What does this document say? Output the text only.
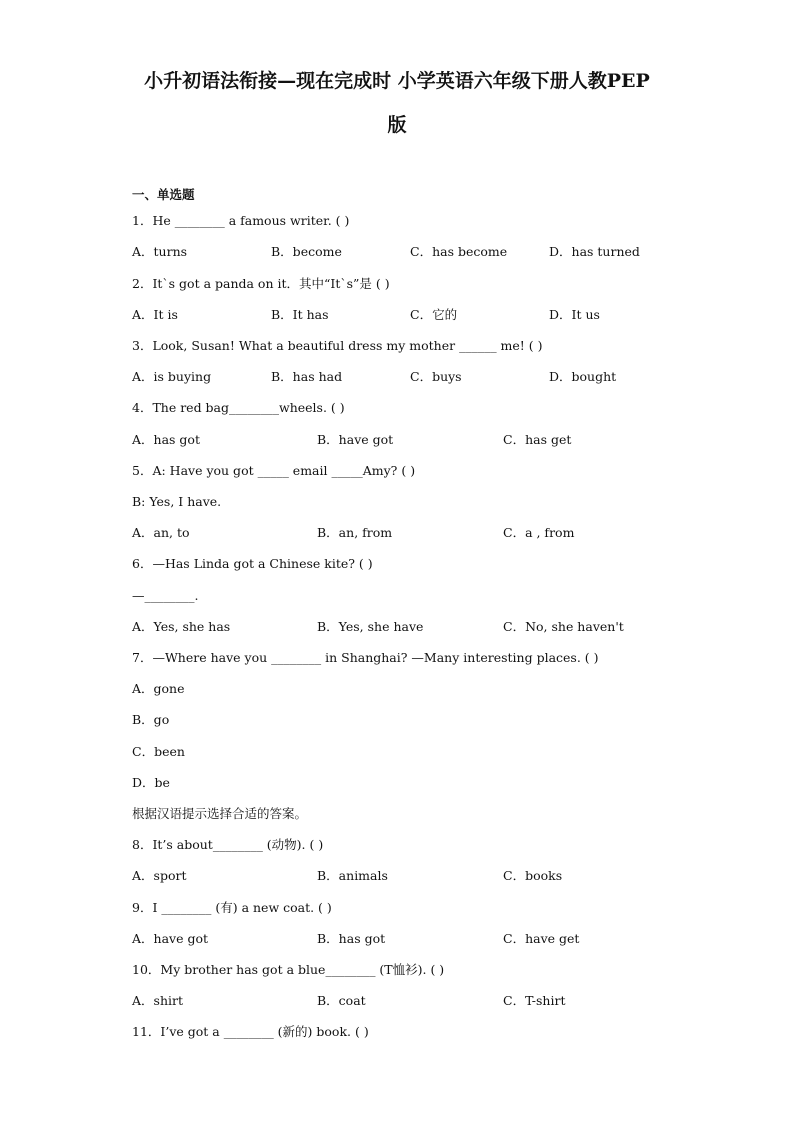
小升初语法衔接—现在完成时 小学英语六年级下册人教PEP
版
一、单选题
1．He ________ a famous writer. ( )
A．turns	B．become	C．has become	D．has turned
2．It`s got a panda on it．其中“It`s”是 ( )
A．It is	B．It has	C．它的	D．It us
3．Look, Susan! What a beautiful dress my mother ______ me! ( )
A．is buying	B．has had	C．buys	D．bought
4．The red bag________wheels. ( )
A．has got	B．have got	C．has get
5．A: Have you got _____ email _____Amy? ( )
B: Yes, I have.
A．an, to	B．an, from	C．a , from
6．—Has Linda got a Chinese kite? ( )
—________.
A．Yes, she has	B．Yes, she have	C．No, she haven't
7．—Where have you ________ in Shanghai? —Many interesting places. ( )
A．gone
B．go
C．been
D．be
根据汉语提示选择合适的答案。
8．It’s about________ (动物). ( )
A．sport	B．animals	C．books
9．I ________ (有) a new coat. ( )
A．have got	B．has got	C．have get
10．My brother has got a blue________ (T恤衫). ( )
A．shirt	B．coat	C．T-shirt
11．I’ve got a ________ (新的) book. ( )
